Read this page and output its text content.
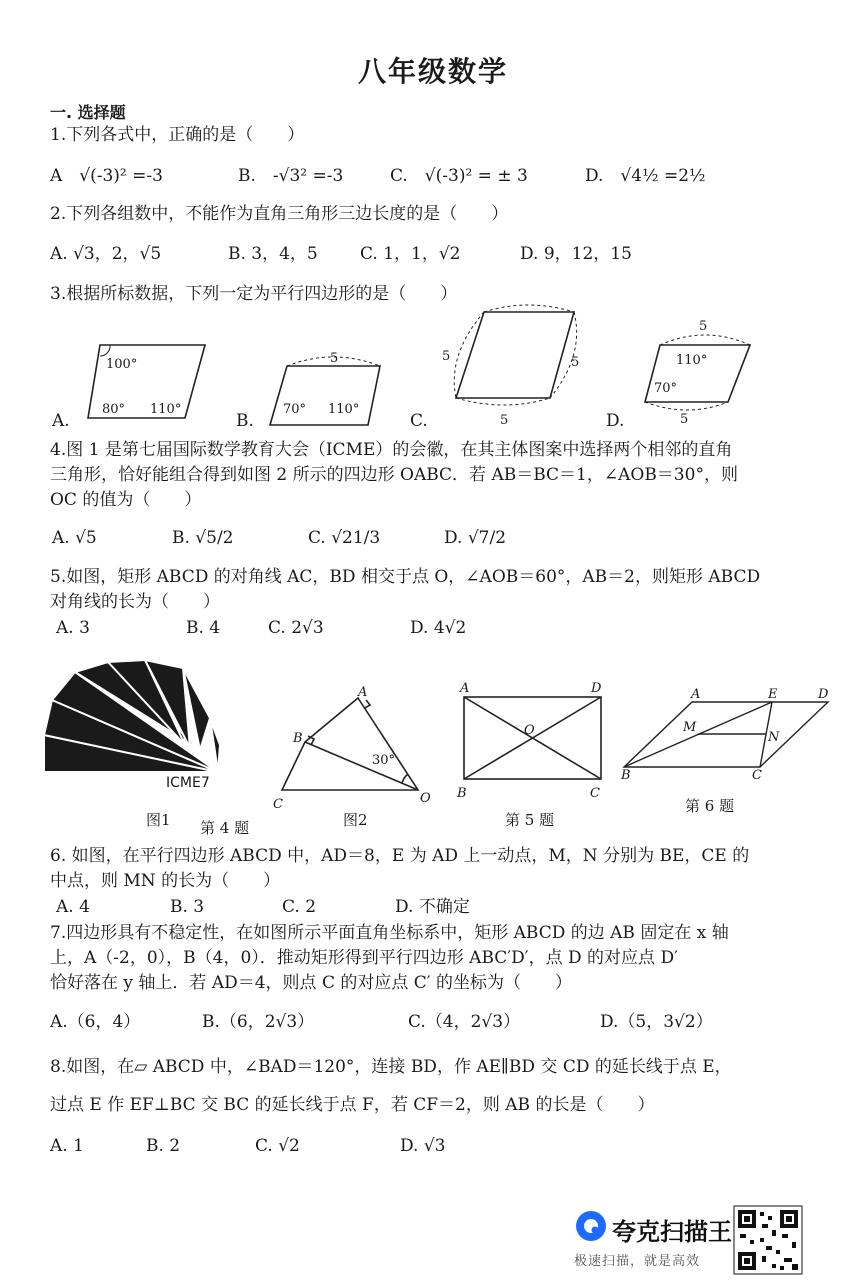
八年级数学
一. 选择题
1.下列各式中，正确的是（　　）
A　√(-3)² =-3	B.　-√3² =-3	C.　√(-3)² = ± 3	D.　√4½ =2½
2.下列各组数中，不能作为直角三角形三边长度的是（　　）
A. √3，2，√5	B. 3，4，5 C. 1，1，√2	D. 9，12，15
3.根据所标数据，下列一定为平行四边形的是（　　）
A.	B.	C.	D.
100°
80° 110°
5
70° 110°
5	5
5
5
5
110°
70°
4.图 1 是第七届国际数学教育大会（ICME）的会徽，在其主体图案中选择两个相邻的直角
三角形，恰好能组合得到如图 2 所示的四边形 OABC．若 AB＝BC＝1，∠AOB＝30°，则
OC 的值为（　　）
A. √5	B. √5/2	C. √21/3	D. √7/2
5.如图，矩形 ABCD 的对角线 AC，BD 相交于点 O，∠AOB＝60°，AB＝2，则矩形 ABCD
对角线的长为（　　）
A. 3	B. 4	C. 2√3	D. 4√2
ICME7
A
B
C	O
30°
A	D
B	C
O
A	E	D
M
N
B	C
图1 第 4 题	图2	第 5 题
第 6 题
6. 如图，在平行四边形 ABCD 中，AD＝8，E 为 AD 上一动点，M，N 分别为 BE，CE 的
中点，则 MN 的长为（　　）
A. 4	B. 3	C. 2	D. 不确定
7.四边形具有不稳定性，在如图所示平面直角坐标系中，矩形 ABCD 的边 AB 固定在 x 轴
上，A（-2，0），B（4，0）．推动矩形得到平行四边形 ABC′D′，点 D 的对应点 D′
恰好落在 y 轴上．若 AD＝4，则点 C 的对应点 C′ 的坐标为（　　）
A.（6，4）	B.（6，2√3）	C.（4，2√3）	D.（5，3√2）
8.如图，在▱ ABCD 中，∠BAD＝120°，连接 BD，作 AE∥BD 交 CD 的延长线于点 E，
过点 E 作 EF⊥BC 交 BC 的延长线于点 F，若 CF＝2，则 AB 的长是（　　）
A. 1	B. 2	C. √2	D. √3
夸克扫描王
极速扫描，就是高效
